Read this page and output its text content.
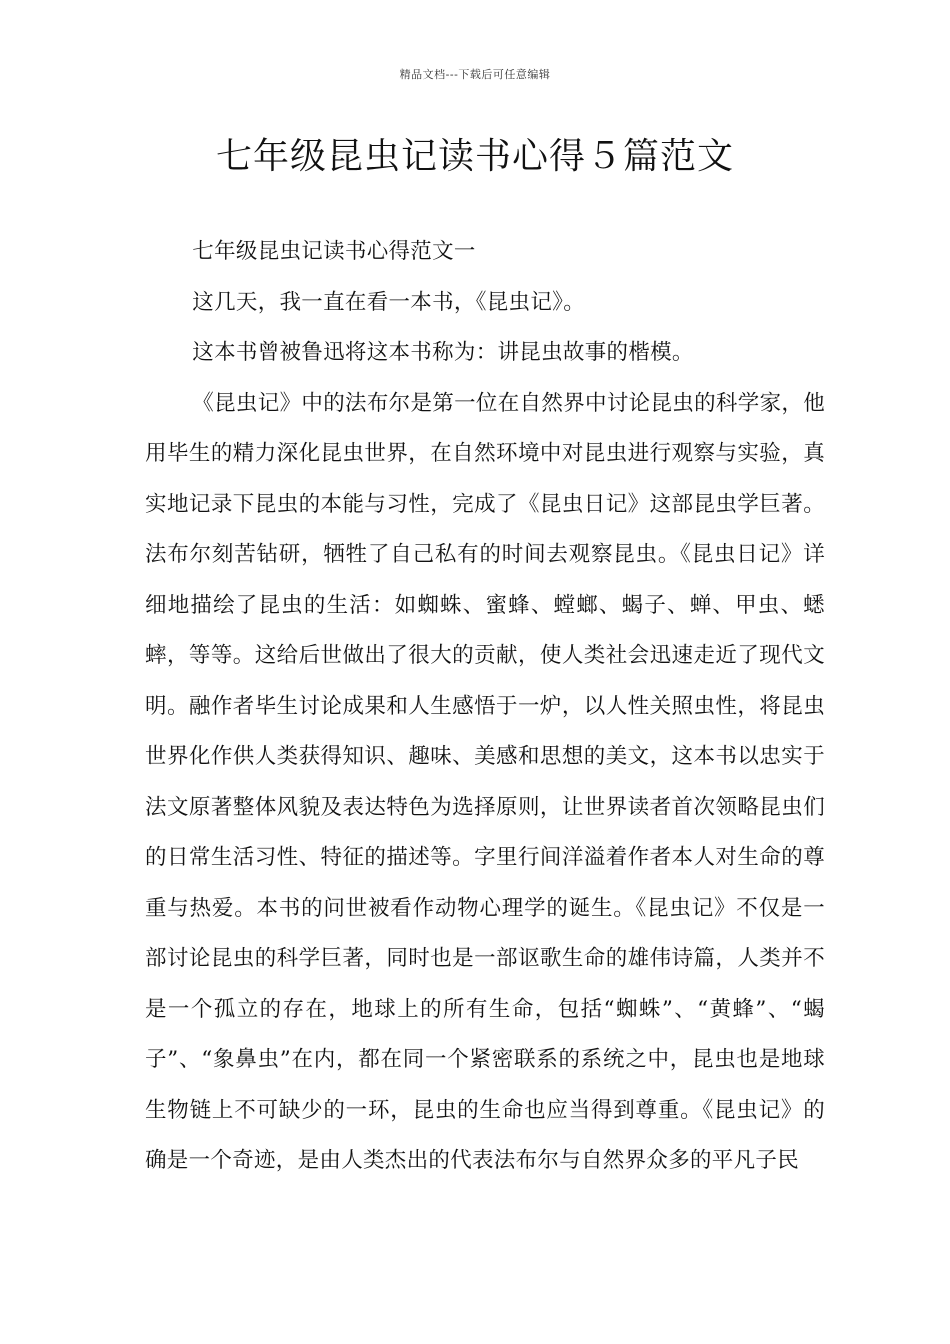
精品文档---下载后可任意编辑
七年级昆虫记读书心得５篇范文

七年级昆虫记读书心得范文一

这几天，我一直在看一本书，《昆虫记》。

这本书曾被鲁迅将这本书称为：讲昆虫故事的楷模。

《昆虫记》中的法布尔是第一位在自然界中讨论昆虫的科学家，他用毕生的精力深化昆虫世界，在自然环境中对昆虫进行观察与实验，真实地记录下昆虫的本能与习性，完成了《昆虫日记》这部昆虫学巨著。法布尔刻苦钻研，牺牲了自己私有的时间去观察昆虫。《昆虫日记》详细地描绘了昆虫的生活：如蜘蛛、蜜蜂、螳螂、蝎子、蝉、甲虫、蟋蟀，等等。这给后世做出了很大的贡献，使人类社会迅速走近了现代文明。融作者毕生讨论成果和人生感悟于一炉，以人性关照虫性，将昆虫世界化作供人类获得知识、趣味、美感和思想的美文，这本书以忠实于法文原著整体风貌及表达特色为选择原则，让世界读者首次领略昆虫们的日常生活习性、特征的描述等。字里行间洋溢着作者本人对生命的尊重与热爱。本书的问世被看作动物心理学的诞生。《昆虫记》不仅是一部讨论昆虫的科学巨著，同时也是一部讴歌生命的雄伟诗篇，人类并不是一个孤立的存在，地球上的所有生命，包括“蜘蛛”、“黄蜂”、“蝎子”、“象鼻虫”在内，都在同一个紧密联系的系统之中，昆虫也是地球生物链上不可缺少的一环，昆虫的生命也应当得到尊重。《昆虫记》的确是一个奇迹，是由人类杰出的代表法布尔与自然界众多的平凡子民
